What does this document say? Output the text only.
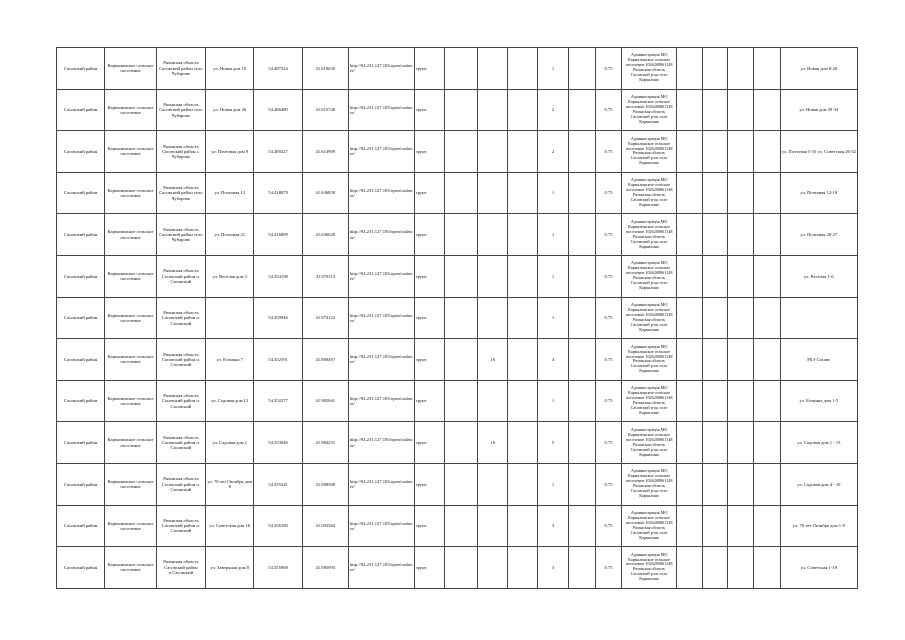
Сасовский район	Кармалинское сельское поселение	Рязанская область Сасовский район село Чубарово	ул. Новая дом 10	54.487324	41.618630	http://94.231.127.105/open/cadastre/	грунт				1		0.75	Администрация МО Кармалинское сельское поселение 1026200861148 Рязанская область Сасовский р-он село Кармалино					ул. Новая дом 8-20
Сасовский район	Кармалинское сельское поселение	Рязанская область Сасовский район село Чубарово	ул. Новая дом 26	54.486480	41.615740	http://94.231.127.105/open/cadastre/	грунт				2		0.75	Администрация МО Кармалинское сельское поселение 1026200861148 Рязанская область Сасовский р-он село Кармалино					ул. Новая дом 29-34
Сасовский район	Кармалинское сельское поселение	Рязанская область Сасовский район с. Чубарово	ул. Почтовая дом 9	54.489227	41.614909	http://94.231.127.105/open/cadastre/	грунт				2		0.75	Администрация МО Кармалинское сельское поселение 1026200861148 Рязанская область Сасовский р-он село Кармалино					ул. Почтовая 5-10 ул. Советская 26-32
Сасовский район	Кармалинское сельское поселение	Рязанская область Сасовский район село Чубарово	ул. Почтовая 12	54.418879	41.636858	http://94.231.127.105/open/cadastre/	грунт				1		0.75	Администрация МО Кармалинское сельское поселение 1026200861148 Рязанская область Сасовский р-он село Кармалино					ул. Почтовая 12-18
Сасовский район	Кармалинское сельское поселение	Рязанская область Сасовский район село Чубарово	ул. Почтовая 21	54.416009	41.636628	http://94.231.127.105/open/cadastre/	грунт				1		0.75	Администрация МО Кармалинское сельское поселение 1026200861148 Рязанская область Сасовский р-он село Кармалино					ул. Почтовая 20-27
Сасовский район	Кармалинское сельское поселение	Рязанская область Сасовский район п. Сасовский	ул. Весёлая дом 3	54.354198	41.979113	http://94.231.127.105/open/cadastre/	грунт				1		0.75	Администрация МО Кармалинское сельское поселение 1026200861148 Рязанская область Сасовский р-он село Кармалино					ул. Весёлая 1-6
Сасовский район	Кармалинское сельское поселение	Рязанская область Сасовский район п. Сасовский		54.359946	41.974122	http://94.231.127.105/open/cadastre/	грунт				1		0.75	Администрация МО Кармалинское сельское поселение 1026200861148 Рязанская область Сасовский р-он село Кармалино					
Сасовский район	Кармалинское сельское поселение	Рязанская область Сасовский район п. Сасовский	ул. Есенина 7	54.352591	41.880497	http://94.231.127.105/open/cadastre/	грунт		16		4		0.75	Администрация МО Кармалинское сельское поселение 1026200861148 Рязанская область Сасовский р-он село Кармалино					РБЭ Сасово
Сасовский район	Кармалинское сельское поселение	Рязанская область Сасовский район п. Сасовский	ул. Садовая дом 12	54.352277	41.982041	http://94.231.127.105/open/cadastre/	грунт				1		0.75	Администрация МО Кармалинское сельское поселение 1026200861148 Рязанская область Сасовский р-он село Кармалино					ул. Есенина дом 1-5
Сасовский район	Кармалинское сельское поселение	Рязанская область Сасовский район п. Сасовский	ул. Садовая дом 1	54.353046	41.984251	http://94.231.127.105/open/cadastre/	грунт		16		5		0.75	Администрация МО Кармалинское сельское поселение 1026200861148 Рязанская область Сасовский р-он село Кармалино					ул. Садовая дом 1 - 13
Сасовский район	Кармалинское сельское поселение	Рязанская область Сасовский район п. Сасовский	ул. 70 лет Октября дом 8	54.355341	41.988568	http://94.231.127.105/open/cadastre/	грунт				1		0.75	Администрация МО Кармалинское сельское поселение 1026200861148 Рязанская область Сасовский р-он село Кармалино					ул. Садовая дом 4 - 10
Сасовский район	Кармалинское сельское поселение	Рязанская область Сасовский район п. Сасовский	ул. Советская дом 16	54.356180	41.003564	http://94.231.127.105/open/cadastre/	грунт				3		0.75	Администрация МО Кармалинское сельское поселение 1026200861148 Рязанская область Сасовский р-он село Кармалино					ул. 70 лет Октября дом 1-9
Сасовский район	Кармалинское сельское поселение	Рязанская область Сасовский район п.Сасовский	ул. Заверхная дом 8	54.355968	41.985993	http://94.231.127.105/open/cadastre/	грунт				3		0.75	Администрация МО Кармалинское сельское поселение 1026200861148 Рязанская область Сасовский р-он село Кармалино					ул. Советская 1-18
